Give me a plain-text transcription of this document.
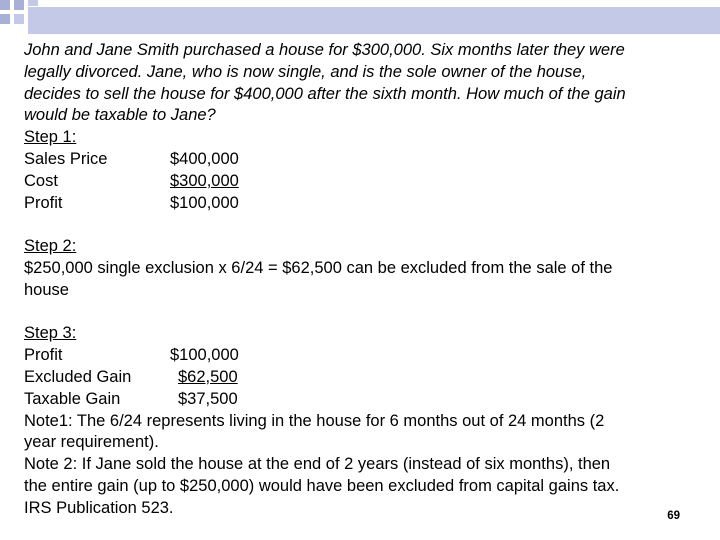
John and Jane Smith purchased a house for $300,000. Six months later they were
legally divorced. Jane, who is now single, and is the sole owner of the house,
decides to sell the house for $400,000 after the sixth month. How much of the gain
would be taxable to Jane?
Step 1:
Sales Price	$400,000
Cost	$300,000
Profit	$100,000
Step 2:
$250,000 single exclusion x 6/24 = $62,500 can be excluded from the sale of the
house
Step 3:
Profit	$100,000
Excluded Gain	$62,500
Taxable Gain	$37,500
Note1: The 6/24 represents living in the house for 6 months out of 24 months (2
year requirement).
Note 2: If Jane sold the house at the end of 2 years (instead of six months), then
the entire gain (up to $250,000) would have been excluded from capital gains tax.
IRS Publication 523.	69
